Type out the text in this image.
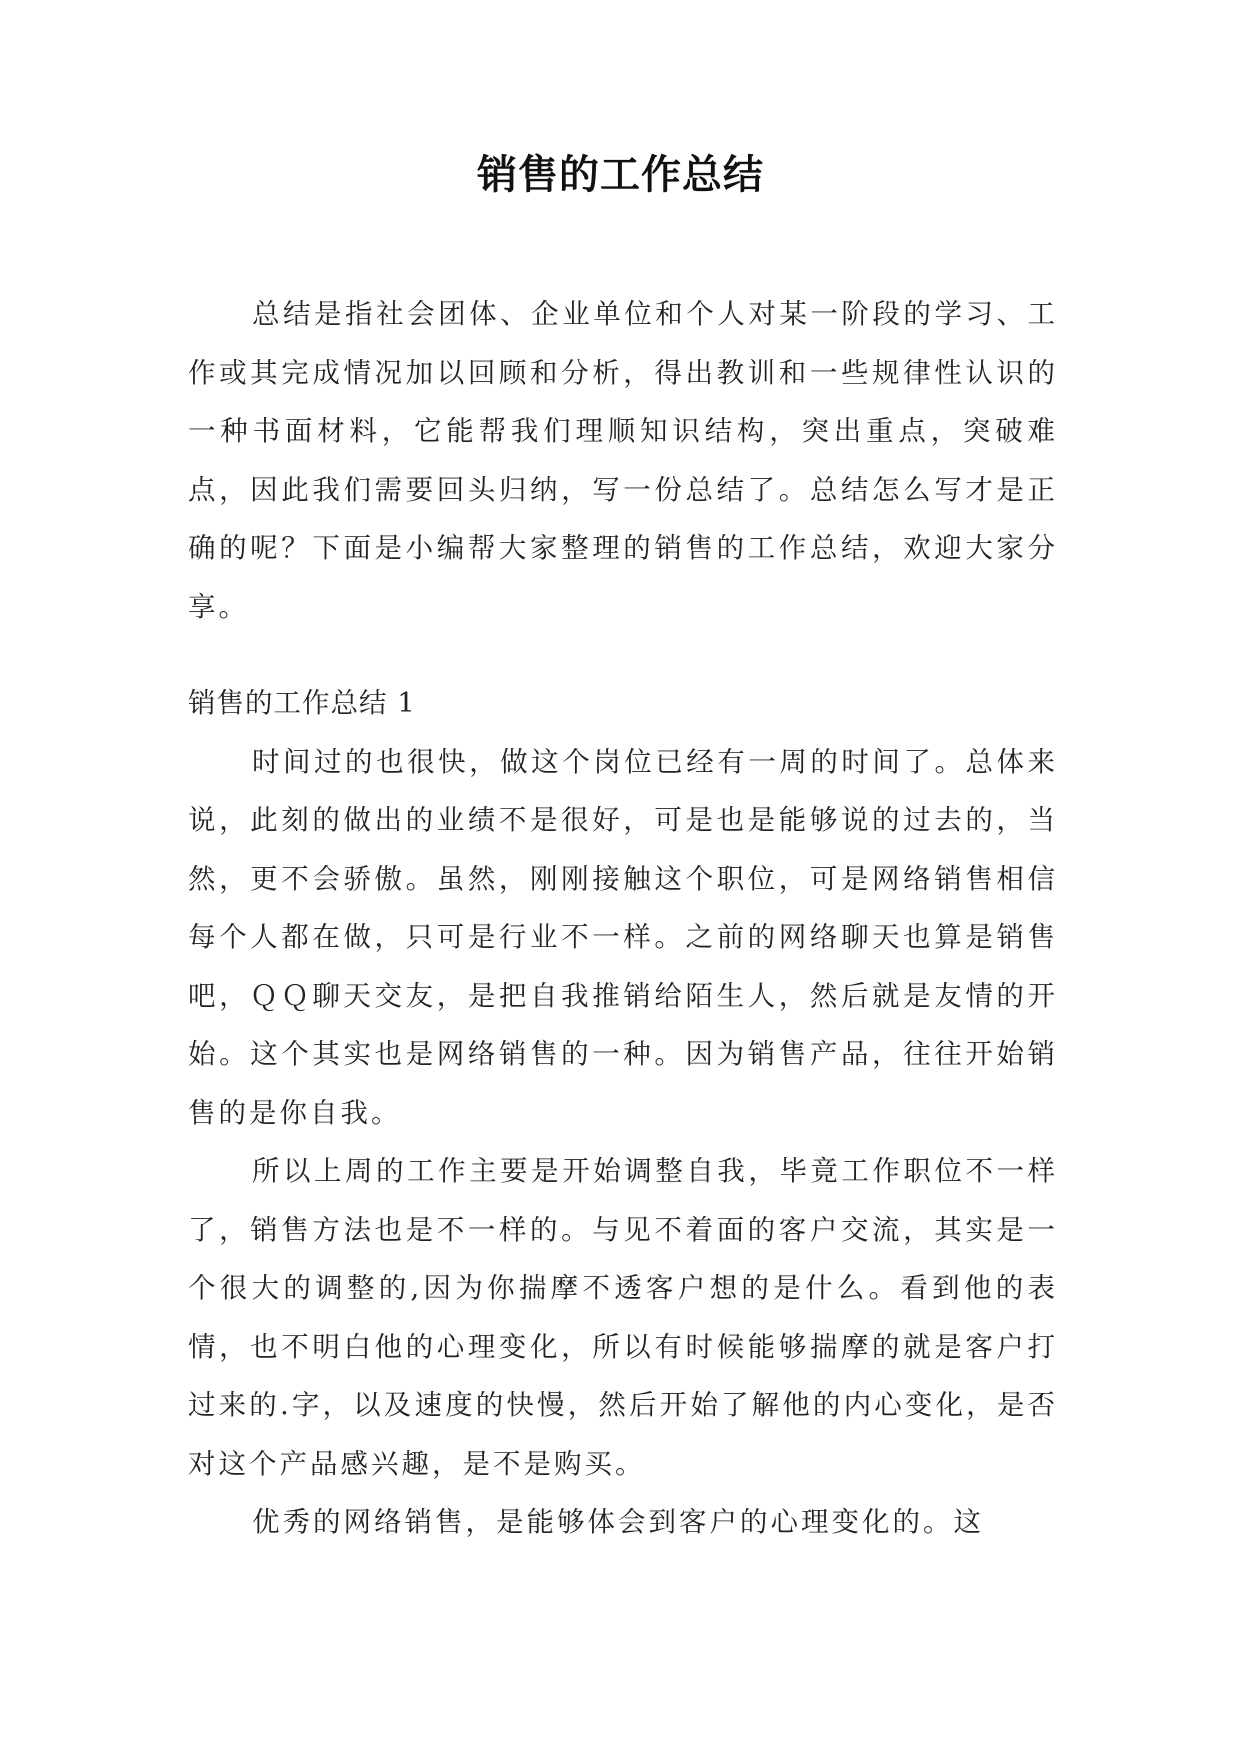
销售的工作总结

总结是指社会团体、企业单位和个人对某一阶段的学习、工作或其完成情况加以回顾和分析，得出教训和一些规律性认识的一种书面材料，它能帮我们理顺知识结构，突出重点，突破难点，因此我们需要回头归纳，写一份总结了。总结怎么写才是正确的呢？下面是小编帮大家整理的销售的工作总结，欢迎大家分享。

销售的工作总结 1

时间过的也很快，做这个岗位已经有一周的时间了。总体来说，此刻的做出的业绩不是很好，可是也是能够说的过去的，当然，更不会骄傲。虽然，刚刚接触这个职位，可是网络销售相信每个人都在做，只可是行业不一样。之前的网络聊天也算是销售吧，ＱＱ聊天交友，是把自我推销给陌生人，然后就是友情的开始。这个其实也是网络销售的一种。因为销售产品，往往开始销售的是你自我。

所以上周的工作主要是开始调整自我，毕竟工作职位不一样了，销售方法也是不一样的。与见不着面的客户交流，其实是一个很大的调整的,因为你揣摩不透客户想的是什么。看到他的表情，也不明白他的心理变化，所以有时候能够揣摩的就是客户打过来的.字，以及速度的快慢，然后开始了解他的内心变化，是否对这个产品感兴趣，是不是购买。

优秀的网络销售，是能够体会到客户的心理变化的。这
